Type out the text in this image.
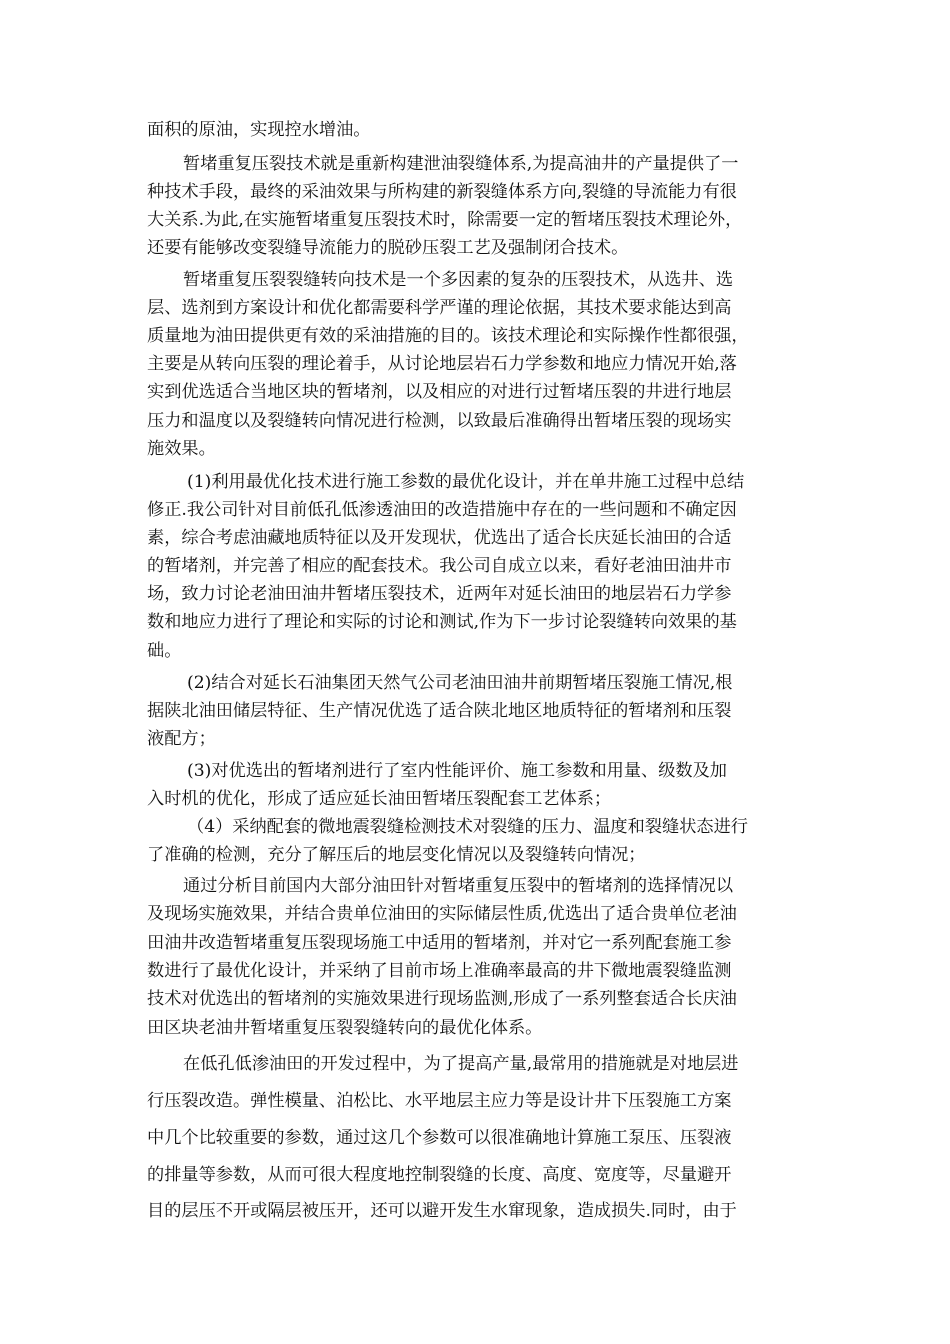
面积的原油，实现控水增油。
暂堵重复压裂技术就是重新构建泄油裂缝体系,为提高油井的产量提供了一
种技术手段，最终的采油效果与所构建的新裂缝体系方向,裂缝的导流能力有很
大关系.为此,在实施暂堵重复压裂技术时，除需要一定的暂堵压裂技术理论外，
还要有能够改变裂缝导流能力的脱砂压裂工艺及强制闭合技术。
暂堵重复压裂裂缝转向技术是一个多因素的复杂的压裂技术，从选井、选
层、选剂到方案设计和优化都需要科学严谨的理论依据，其技术要求能达到高
质量地为油田提供更有效的采油措施的目的。该技术理论和实际操作性都很强，
主要是从转向压裂的理论着手，从讨论地层岩石力学参数和地应力情况开始,落
实到优选适合当地区块的暂堵剂，以及相应的对进行过暂堵压裂的井进行地层
压力和温度以及裂缝转向情况进行检测，以致最后准确得出暂堵压裂的现场实
施效果。
(1)利用最优化技术进行施工参数的最优化设计，并在单井施工过程中总结
修正.我公司针对目前低孔低渗透油田的改造措施中存在的一些问题和不确定因
素，综合考虑油藏地质特征以及开发现状，优选出了适合长庆延长油田的合适
的暂堵剂，并完善了相应的配套技术。我公司自成立以来，看好老油田油井市
场，致力讨论老油田油井暂堵压裂技术，近两年对延长油田的地层岩石力学参
数和地应力进行了理论和实际的讨论和测试,作为下一步讨论裂缝转向效果的基
础。
(2)结合对延长石油集团天然气公司老油田油井前期暂堵压裂施工情况,根
据陕北油田储层特征、生产情况优选了适合陕北地区地质特征的暂堵剂和压裂
液配方；
(3)对优选出的暂堵剂进行了室内性能评价、施工参数和用量、级数及加
入时机的优化，形成了适应延长油田暂堵压裂配套工艺体系；
（4）采纳配套的微地震裂缝检测技术对裂缝的压力、温度和裂缝状态进行
了准确的检测，充分了解压后的地层变化情况以及裂缝转向情况；
通过分析目前国内大部分油田针对暂堵重复压裂中的暂堵剂的选择情况以
及现场实施效果，并结合贵单位油田的实际储层性质,优选出了适合贵单位老油
田油井改造暂堵重复压裂现场施工中适用的暂堵剂，并对它一系列配套施工参
数进行了最优化设计，并采纳了目前市场上准确率最高的井下微地震裂缝监测
技术对优选出的暂堵剂的实施效果进行现场监测,形成了一系列整套适合长庆油
田区块老油井暂堵重复压裂裂缝转向的最优化体系。
在低孔低渗油田的开发过程中，为了提高产量,最常用的措施就是对地层进
行压裂改造。弹性模量、泊松比、水平地层主应力等是设计井下压裂施工方案
中几个比较重要的参数，通过这几个参数可以很准确地计算施工泵压、压裂液
的排量等参数，从而可很大程度地控制裂缝的长度、高度、宽度等，尽量避开
目的层压不开或隔层被压开，还可以避开发生水窜现象，造成损失.同时，由于
